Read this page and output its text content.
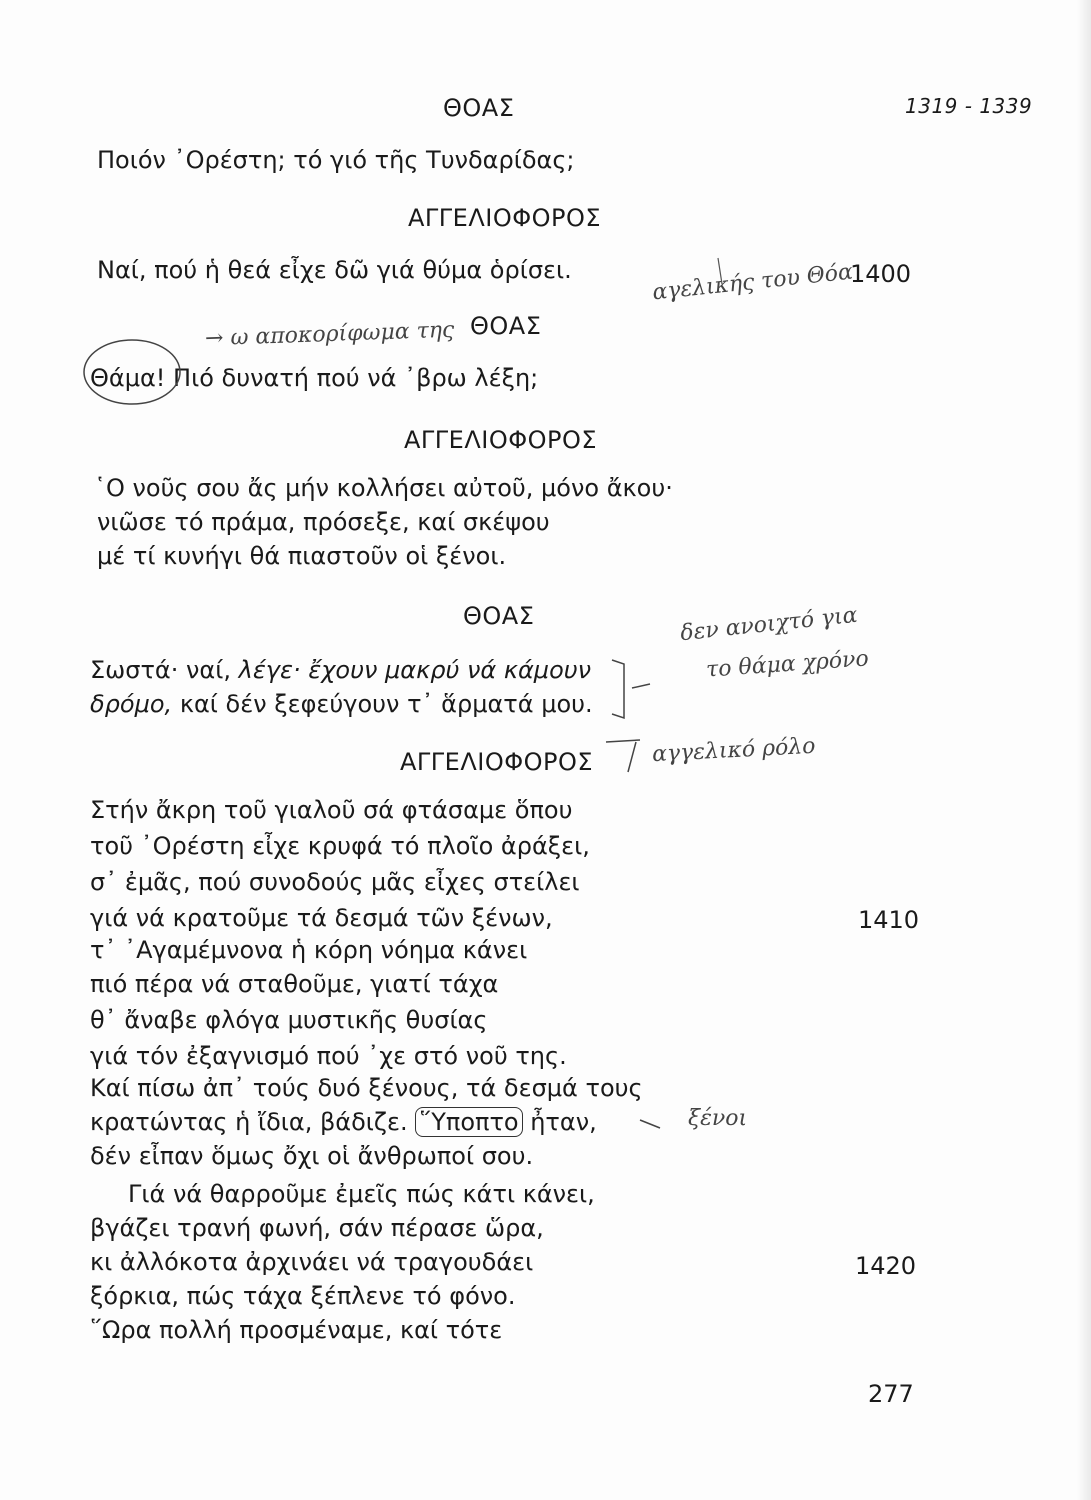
1319 - 1339
ΘΟΑΣ
Ποιόν ᾿Ορέστη; τό γιό τῆς Τυνδαρίδας;
ΑΓΓΕΛΙΟΦΟΡΟΣ
Ναί, πού ἡ θεά εἶχε δῶ γιά θύμα ὁρίσει.	1400
ΘΟΑΣ
Θάμα! Πιό δυνατή πού νά ᾿βρω λέξη;
ΑΓΓΕΛΙΟΦΟΡΟΣ
῾Ο νοῦς σου ἄς μήν κολλήσει αὐτοῦ, μόνο ἄκου·
νιῶσε τό πράμα, πρόσεξε, καί σκέψου
μέ τί κυνήγι θά πιαστοῦν οἱ ξένοι.
ΘΟΑΣ
Σωστά· ναί, λέγε· ἔχουν μακρύ νά κάμουν
δρόμο, καί δέν ξεφεύγουν τ᾿ ἅρματά μου.
ΑΓΓΕΛΙΟΦΟΡΟΣ
Στήν ἄκρη τοῦ γιαλοῦ σά φτάσαμε ὅπου
τοῦ ᾿Ορέστη εἶχε κρυφά τό πλοῖο ἀράξει,
σ᾿ ἐμᾶς, πού συνοδούς μᾶς εἶχες στείλει
γιά νά κρατοῦμε τά δεσμά τῶν ξένων,	1410
τ᾿ ᾿Αγαμέμνονα ἡ κόρη νόημα κάνει
πιό πέρα νά σταθοῦμε, γιατί τάχα
θ᾿ ἄναβε φλόγα μυστικῆς θυσίας
γιά τόν ἐξαγνισμό πού ᾿χε στό νοῦ της.
Καί πίσω ἀπ᾿ τούς δυό ξένους, τά δεσμά τους
κρατώντας ἡ ἴδια, βάδιζε. ῞Υποπτο ἦταν,
δέν εἶπαν ὅμως ὄχι οἱ ἄνθρωποί σου.
Γιά νά θαρροῦμε ἐμεῖς πώς κάτι κάνει,
βγάζει τρανή φωνή, σάν πέρασε ὥρα,
κι ἀλλόκοτα ἀρχινάει νά τραγουδάει	1420
ξόρκια, πώς τάχα ξέπλενε τό φόνο.
῞Ωρα πολλή προσμέναμε, καί τότε
277
→ ω αποκορίφωμα της
αγελικής του Θόα
δεν ανοιχτό για
το θάμα χρόνο
αγγελικό ρόλο
ξένοι
